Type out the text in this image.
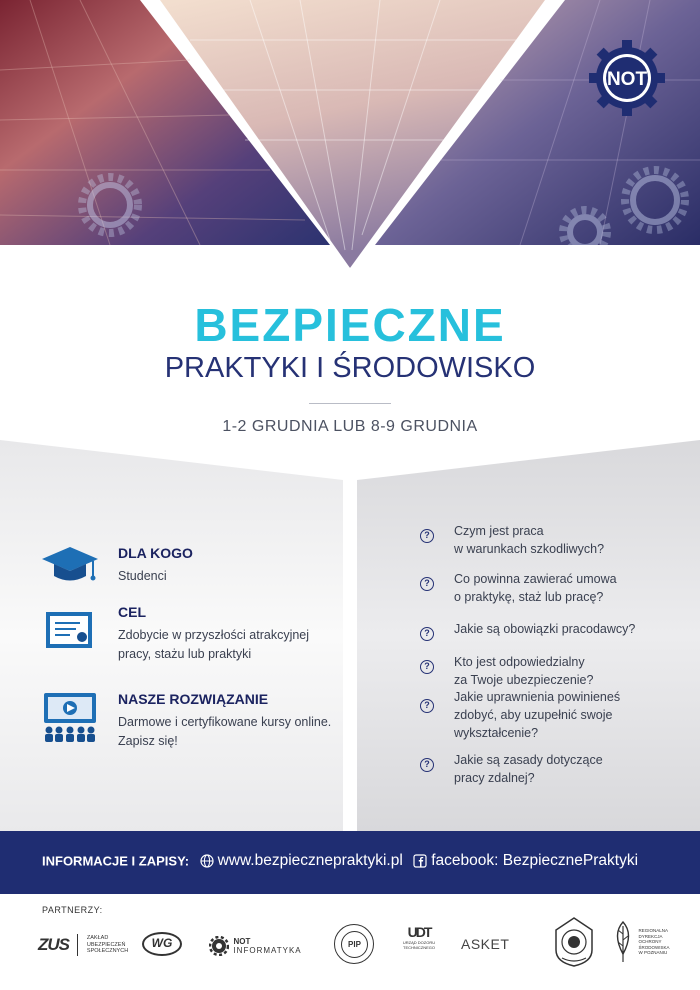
NOT
BEZPIECZNE
PRAKTYKI I ŚRODOWISKO
1-2 GRUDNIA LUB 8-9 GRUDNIA
DLA KOGO
Studenci
CEL
Zdobycie w przyszłości atrakcyjnej pracy, stażu lub praktyki
NASZE ROZWIĄZANIE
Darmowe i certyfikowane kursy online. Zapisz się!
?	Czym jest praca
w warunkach szkodliwych?
?	Co powinna zawierać umowa
o praktykę, staż lub pracę?
?	Jakie są obowiązki pracodawcy?
?	Kto jest odpowiedzialny
za Twoje ubezpieczenie?
?
Jakie uprawnienia powinieneś
zdobyć, aby uzupełnić swoje
wykształcenie?
?	Jakie są zasady dotyczące
pracy zdalnej?
INFORMACJE I ZAPISY: www.bezpiecznepraktyki.pl facebook: BezpiecznePraktyki
PARTNERZY:
ZUS	ZAKŁAD
UBEZPIECZEŃ
SPOŁECZNYCH
WG
	NOT
INFORMATYKA
PIP
UDT
URZĄD DOZORU
TECHNICZNEGO ASKET

REGIONALNA
DYREKCJA
OCHRONY
ŚRODOWISKA
W POZNANIU
